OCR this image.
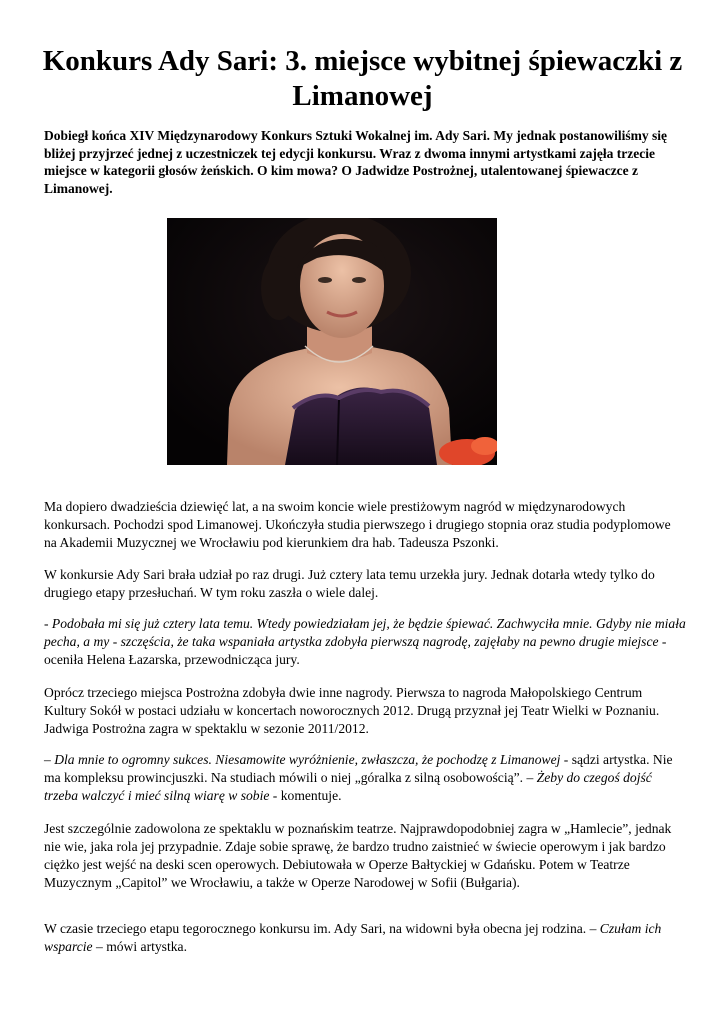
Konkurs Ady Sari: 3. miejsce wybitnej śpiewaczki z Limanowej

Dobiegł końca XIV Międzynarodowy Konkurs Sztuki Wokalnej im. Ady Sari. My jednak postanowiliśmy się bliżej przyjrzeć jednej z uczestniczek tej edycji konkursu. Wraz z dwoma innymi artystkami zajęła trzecie miejsce w kategorii głosów żeńskich. O kim mowa? O Jadwidze Postrożnej, utalentowanej śpiewaczce z Limanowej.

Ma dopiero dwadzieścia dziewięć lat, a na swoim koncie wiele prestiżowym nagród w międzynarodowych konkursach. Pochodzi spod Limanowej. Ukończyła studia pierwszego i drugiego stopnia oraz studia podyplomowe na Akademii Muzycznej we Wrocławiu pod kierunkiem dra hab. Tadeusza Pszonki.

W konkursie Ady Sari brała udział po raz drugi. Już cztery lata temu urzekła jury. Jednak dotarła wtedy tylko do drugiego etapy przesłuchań. W tym roku zaszła o wiele dalej.

- Podobała mi się już cztery lata temu. Wtedy powiedziałam jej, że będzie śpiewać. Zachwyciła mnie. Gdyby nie miała pecha, a my - szczęścia, że taka wspaniała artystka zdobyła pierwszą nagrodę, zajęłaby na pewno drugie miejsce - oceniła Helena Łazarska, przewodnicząca jury.

Oprócz trzeciego miejsca Postrożna zdobyła dwie inne nagrody. Pierwsza to nagroda Małopolskiego Centrum Kultury Sokół w postaci udziału w koncertach noworocznych 2012. Drugą przyznał jej Teatr Wielki w Poznaniu. Jadwiga Postrożna zagra w spektaklu w sezonie 2011/2012.

– Dla mnie to ogromny sukces. Niesamowite wyróżnienie, zwłaszcza, że pochodzę z Limanowej - sądzi artystka. Nie ma kompleksu prowincjuszki. Na studiach mówili o niej „góralka z silną osobowością”. – Żeby do czegoś dojść trzeba walczyć i mieć silną wiarę w sobie - komentuje.

Jest szczególnie zadowolona ze spektaklu w poznańskim teatrze. Najprawdopodobniej zagra w „Hamlecie”, jednak nie wie, jaka rola jej przypadnie. Zdaje sobie sprawę, że bardzo trudno zaistnieć w świecie operowym i jak bardzo ciężko jest wejść na deski scen operowych. Debiutowała w Operze Bałtyckiej w Gdańsku. Potem w Teatrze Muzycznym „Capitol” we Wrocławiu, a także w Operze Narodowej w Sofii (Bułgaria).

W czasie trzeciego etapu tegorocznego konkursu im. Ady Sari, na widowni była obecna jej rodzina. – Czułam ich wsparcie – mówi artystka.
